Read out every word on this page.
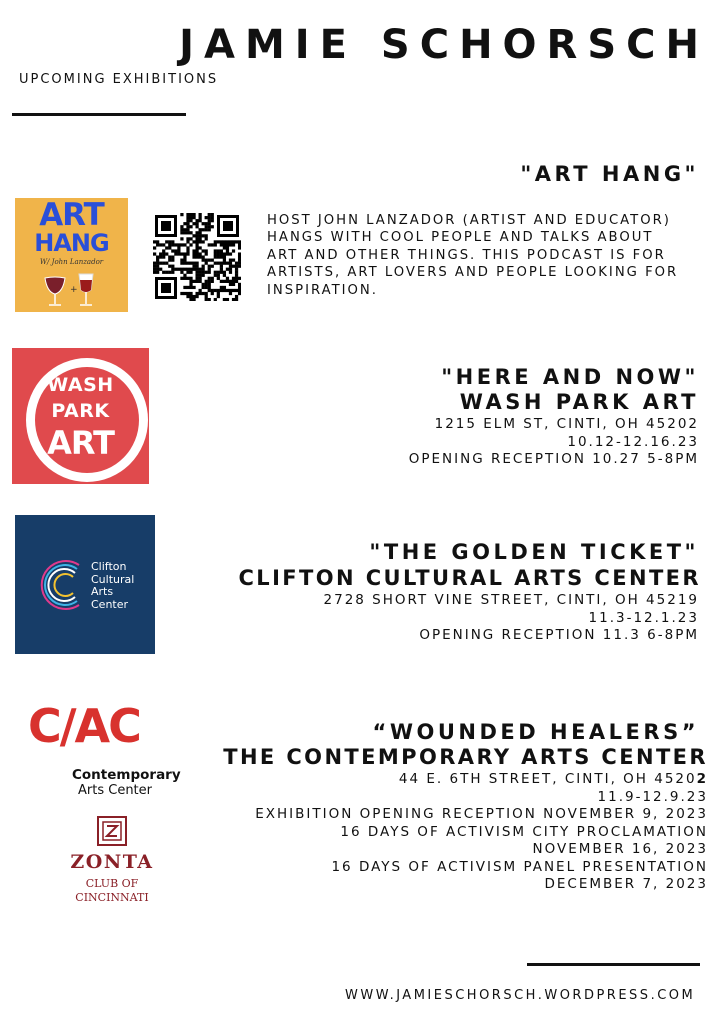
JAMIE SCHORSCH
UPCOMING EXHIBITIONS
"ART HANG"
ART
HANG
W/ John Lanzador
+
HOST JOHN LANZADOR (ARTIST AND EDUCATOR) HANGS WITH COOL PEOPLE AND TALKS ABOUT ART AND OTHER THINGS. THIS PODCAST IS FOR ARTISTS, ART LOVERS AND PEOPLE LOOKING FOR INSPIRATION.
WASH
PARK
ART
"HERE AND NOW"
WASH PARK ART
1215 ELM ST, CINTI, OH 45202
10.12-12.16.23
OPENING RECEPTION 10.27 5-8PM
Clifton
Cultural
Arts
Center
"THE GOLDEN TICKET"
CLIFTON CULTURAL ARTS CENTER
2728 SHORT VINE STREET, CINTI, OH 45219
11.3-12.1.23
OPENING RECEPTION 11.3 6-8PM
C/AC
Contemporary
Arts Center
ZONTA
CLUB OF
CINCINNATI
“WOUNDED HEALERS”
THE CONTEMPORARY ARTS CENTER
44 E. 6TH STREET, CINTI, OH 45202
11.9-12.9.23
EXHIBITION OPENING RECEPTION NOVEMBER 9, 2023
16 DAYS OF ACTIVISM CITY PROCLAMATION
NOVEMBER 16, 2023
16 DAYS OF ACTIVISM PANEL PRESENTATION
DECEMBER 7, 2023
WWW.JAMIESCHORSCH.WORDPRESS.COM
